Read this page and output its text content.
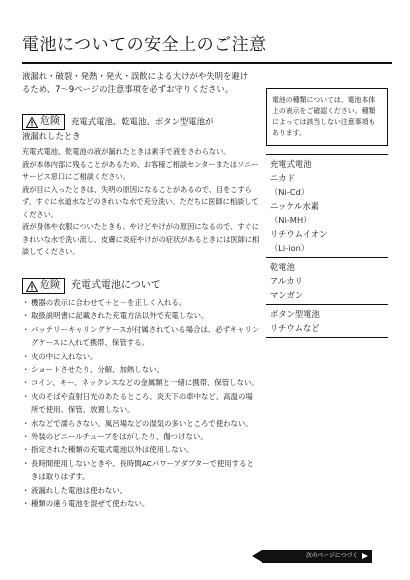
電池についての安全上のご注意
液漏れ・破裂・発熱・発火・誤飲による大けがや失明を避けるため、7〜9ページの注意事項を必ずお守りください。
危険 充電式電池、乾電池、ボタン型電池が
液漏れしたとき

充電式電池、乾電池の液が漏れたときは素手で液をさわらない。

液が本体内部に残ることがあるため、お客様ご相談センターまたはソニーサービス窓口にご相談ください。

液が目に入ったときは、失明の原因になることがあるので、目をこすらず、すぐに水道水などのきれいな水で充分洗い、ただちに医師に相談してください。

液が身体や衣服についたときも、やけどやけがの原因になるので、すぐにきれいな水で洗い流し、皮膚に炎症やけがの症状があるときには医師に相談してください。

危険 充電式電池について
・ 機器の表示に合わせて＋と－を正しく入れる。
・ 取扱説明書に記載された充電方法以外で充電しない。
・ バッテリーキャリングケースが付属されている場合は、必ずキャリングケースに入れて携帯、保管する。
・ 火の中に入れない。
・ ショートさせたり、分解、加熱しない。
・ コイン、キー、ネックレスなどの金属類と一緒に携帯、保管しない。
・ 火のそばや直射日光のあたるところ、炎天下の車中など、高温の場所で使用、保管、放置しない。
・ 水などで濡らさない。風呂場などの湿気の多いところで使わない。
・ 外装のビニールチューブをはがしたり、傷つけない。
・ 指定された種類の充電式電池以外は使用しない。
・ 長時間使用しないときや、長時間ACパワーアダプターで使用するときは取りはずす。
・ 液漏れした電池は使わない。
・ 種類の違う電池を混ぜて使わない。
電池の種類については、電池本体上の表示をご確認ください。種類によっては該当しない注意事項もあります。
充電式電池
ニカド
（Ni-Cd）
ニッケル水素
（Ni-MH）
リチウムイオン
（Li-ion）
乾電池
アルカリ
マンガン
ボタン型電池
リチウムなど
次のページにつづく
